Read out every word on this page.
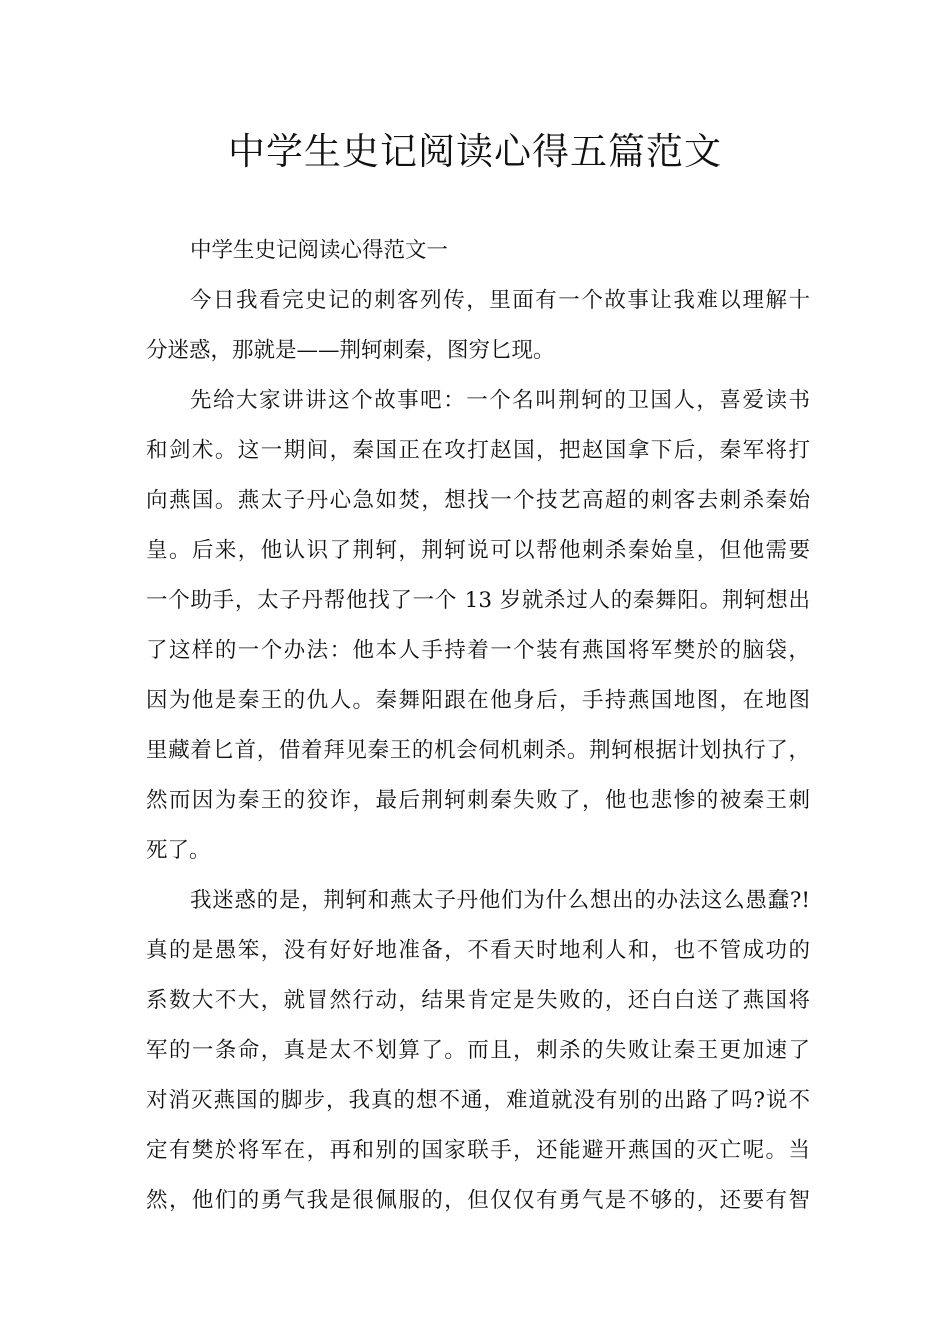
中学生史记阅读心得五篇范文
中学生史记阅读心得范文一
今日我看完史记的刺客列传，里面有一个故事让我难以理解十
分迷惑，那就是——荆轲刺秦，图穷匕现。
先给大家讲讲这个故事吧：一个名叫荆轲的卫国人，喜爱读书
和剑术。这一期间，秦国正在攻打赵国，把赵国拿下后，秦军将打
向燕国。燕太子丹心急如焚，想找一个技艺高超的刺客去刺杀秦始
皇。后来，他认识了荆轲，荆轲说可以帮他刺杀秦始皇，但他需要
一个助手，太子丹帮他找了一个 13 岁就杀过人的秦舞阳。荆轲想出
了这样的一个办法：他本人手持着一个装有燕国将军樊於的脑袋，
因为他是秦王的仇人。秦舞阳跟在他身后，手持燕国地图，在地图
里藏着匕首，借着拜见秦王的机会伺机刺杀。荆轲根据计划执行了，
然而因为秦王的狡诈，最后荆轲刺秦失败了，他也悲惨的被秦王刺
死了。
我迷惑的是，荆轲和燕太子丹他们为什么想出的办法这么愚蠢?!
真的是愚笨，没有好好地准备，不看天时地利人和，也不管成功的
系数大不大，就冒然行动，结果肯定是失败的，还白白送了燕国将
军的一条命，真是太不划算了。而且，刺杀的失败让秦王更加速了
对消灭燕国的脚步，我真的想不通，难道就没有别的出路了吗?说不
定有樊於将军在，再和别的国家联手，还能避开燕国的灭亡呢。当
然，他们的勇气我是很佩服的，但仅仅有勇气是不够的，还要有智
